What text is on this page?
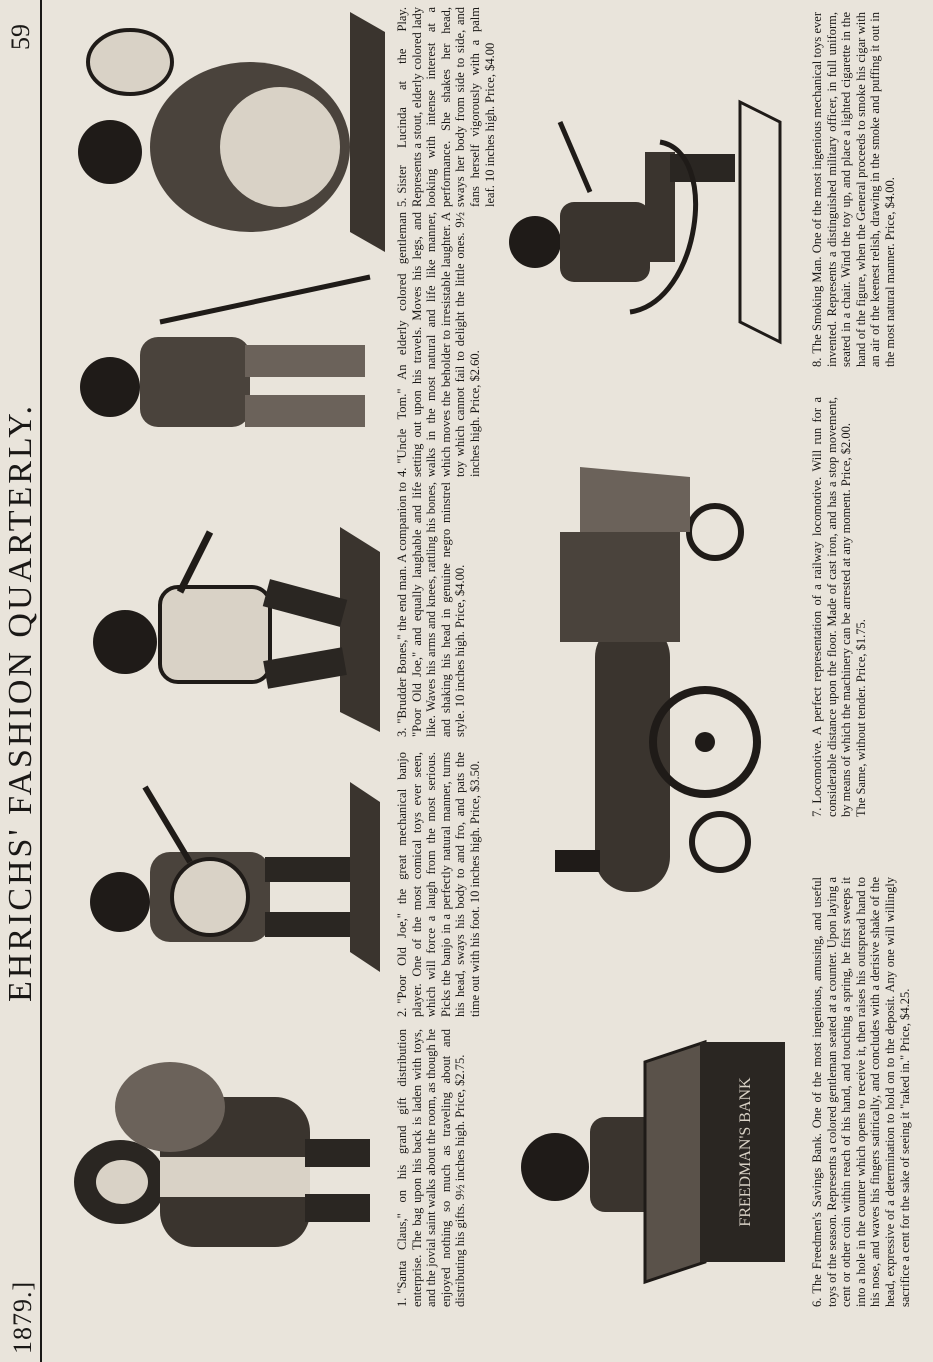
1879.]
EHRICHS' FASHION QUARTERLY.
59
1."Santa Claus," on his grand gift distribution enterprise. The bag upon his back is laden with toys, and the jovial saint walks about the room, as though he enjoyed nothing so much as traveling about and distributing his gifts. 9½ inches high. Price, $2.75.
2."Poor Old Joe," the great mechanical banjo player. One of the most comical toys ever seen, which will force a laugh from the most serious. Picks the banjo in a perfectly natural manner, turns his head, sways his body to and fro, and pats the time out with his foot. 10 inches high. Price, $3.50.
3."Brudder Bones," the end man. A companion to "Poor Old Joe," and equally laughable and life like. Waves his arms and knees, rattling his bones, and shaking his head in genuine negro minstrel style. 10 inches high. Price, $4.00.
4."Uncle Tom." An elderly colored gentleman setting out upon his travels. Moves his legs, and walks in the most natural and life like manner, which moves the beholder to irresistable laughter. A toy which cannot fail to delight the little ones. 9½ inches high. Price, $2.60.
5.Sister Lucinda at the Play. Represents a stout, elderly colored lady looking with intense interest at a performance. She shakes her head, sways her body from side to side, and fans herself vigorously with a palm leaf. 10 inches high. Price, $4.00
FREEDMAN'S BANK
6.The Freedmen's Savings Bank. One of the most ingenious, amusing, and useful toys of the season. Represents a colored gentleman seated at a counter. Upon laying a cent or other coin within reach of his hand, and touching a spring, he first sweeps it into a hole in the counter which opens to receive it, then raises his outspread hand to his nose, and waves his fingers satirically, and concludes with a derisive shake of the head, expressive of a determination to hold on to the deposit. Any one will willingly sacrifice a cent for the sake of seeing it "raked in." Price, $4.25.
7.Locomotive. A perfect representation of a railway locomotive. Will run for a considerable distance upon the floor. Made of cast iron, and has a stop movement, by means of which the machinery can be arrested at any moment. Price, $2.00.
The Same, without tender. Price, $1.75.
8.The Smoking Man. One of the most ingenious mechanical toys ever invented. Represents a distinguished military officer, in full uniform, seated in a chair. Wind the toy up, and place a lighted cigarette in the hand of the figure, when the General proceeds to smoke his cigar with an air of the keenest relish, drawing in the smoke and puffing it out in the most natural manner. Price, $4.00.
